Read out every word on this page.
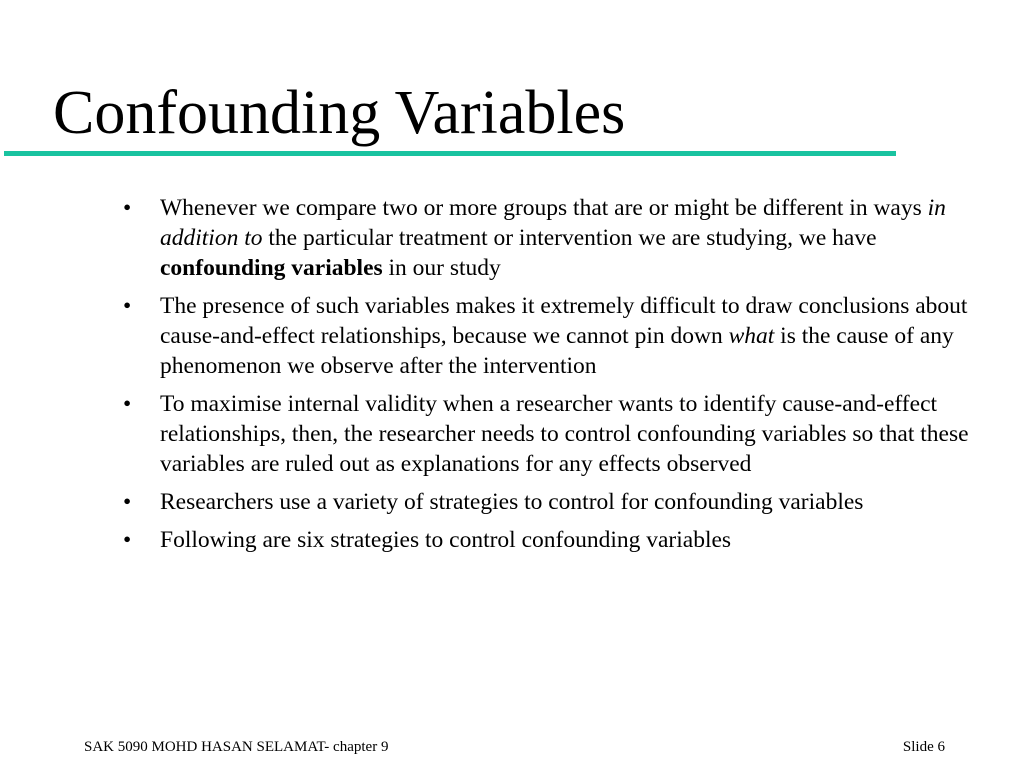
Confounding Variables
• Whenever we compare two or more groups that are or might be different in ways in addition to the particular treatment or intervention we are studying, we have confounding variables in our study
• The presence of such variables makes it extremely difficult to draw conclusions about cause-and-effect relationships, because we cannot pin down what is the cause of any phenomenon we observe after the intervention
• To maximise internal validity when a researcher wants to identify cause-and-effect relationships, then, the researcher needs to control confounding variables so that these variables are ruled out as explanations for any effects observed
• Researchers use a variety of strategies to control for confounding variables
• Following are six strategies to control confounding variables
SAK 5090 MOHD HASAN SELAMAT- chapter 9	Slide 6
